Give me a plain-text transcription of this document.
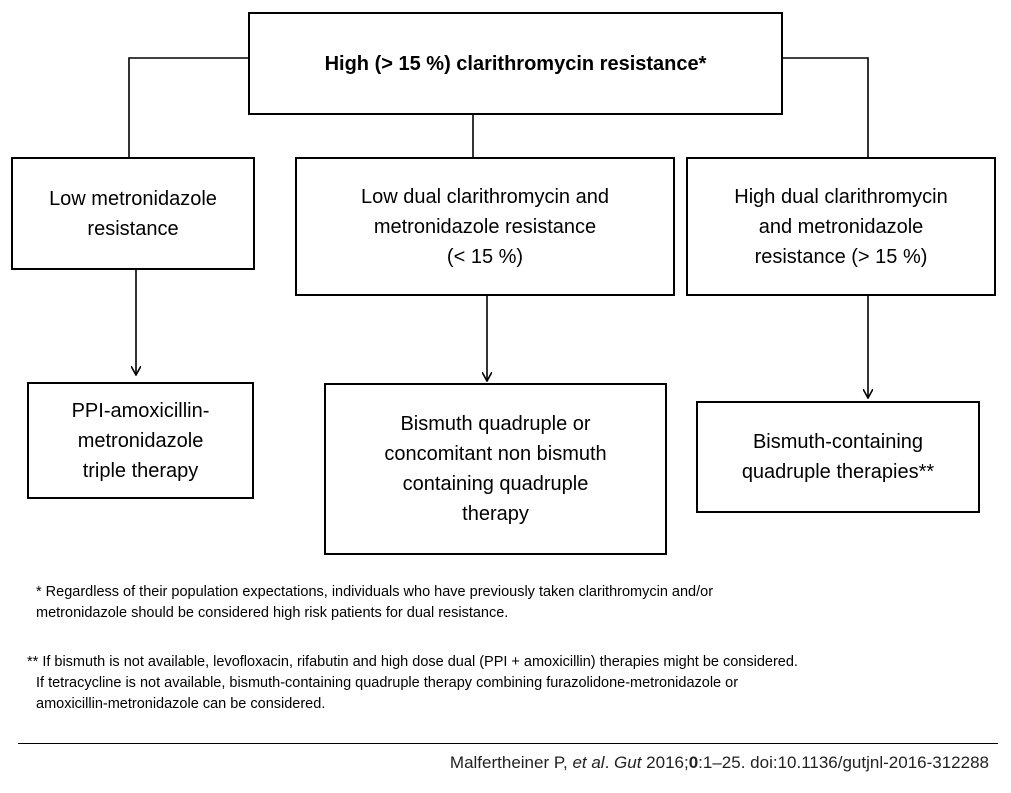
High (> 15 %) clarithromycin resistance*
Low metronidazole
resistance
Low dual clarithromycin and
metronidazole resistance
(< 15 %)
High dual clarithromycin
and metronidazole
resistance (> 15 %)
PPI-amoxicillin-
metronidazole
triple therapy
Bismuth quadruple or
concomitant non bismuth
containing quadruple
therapy
Bismuth-containing
quadruple therapies**
* Regardless of their population expectations, individuals who have previously taken clarithromycin and/or
metronidazole should be considered high risk patients for dual resistance.
** If bismuth is not available, levofloxacin, rifabutin and high dose dual (PPI + amoxicillin) therapies might be considered.
If tetracycline is not available, bismuth-containing quadruple therapy combining furazolidone-metronidazole or
amoxicillin-metronidazole can be considered.
Malfertheiner P, et al. Gut 2016;0:1–25. doi:10.1136/gutjnl-2016-312288
